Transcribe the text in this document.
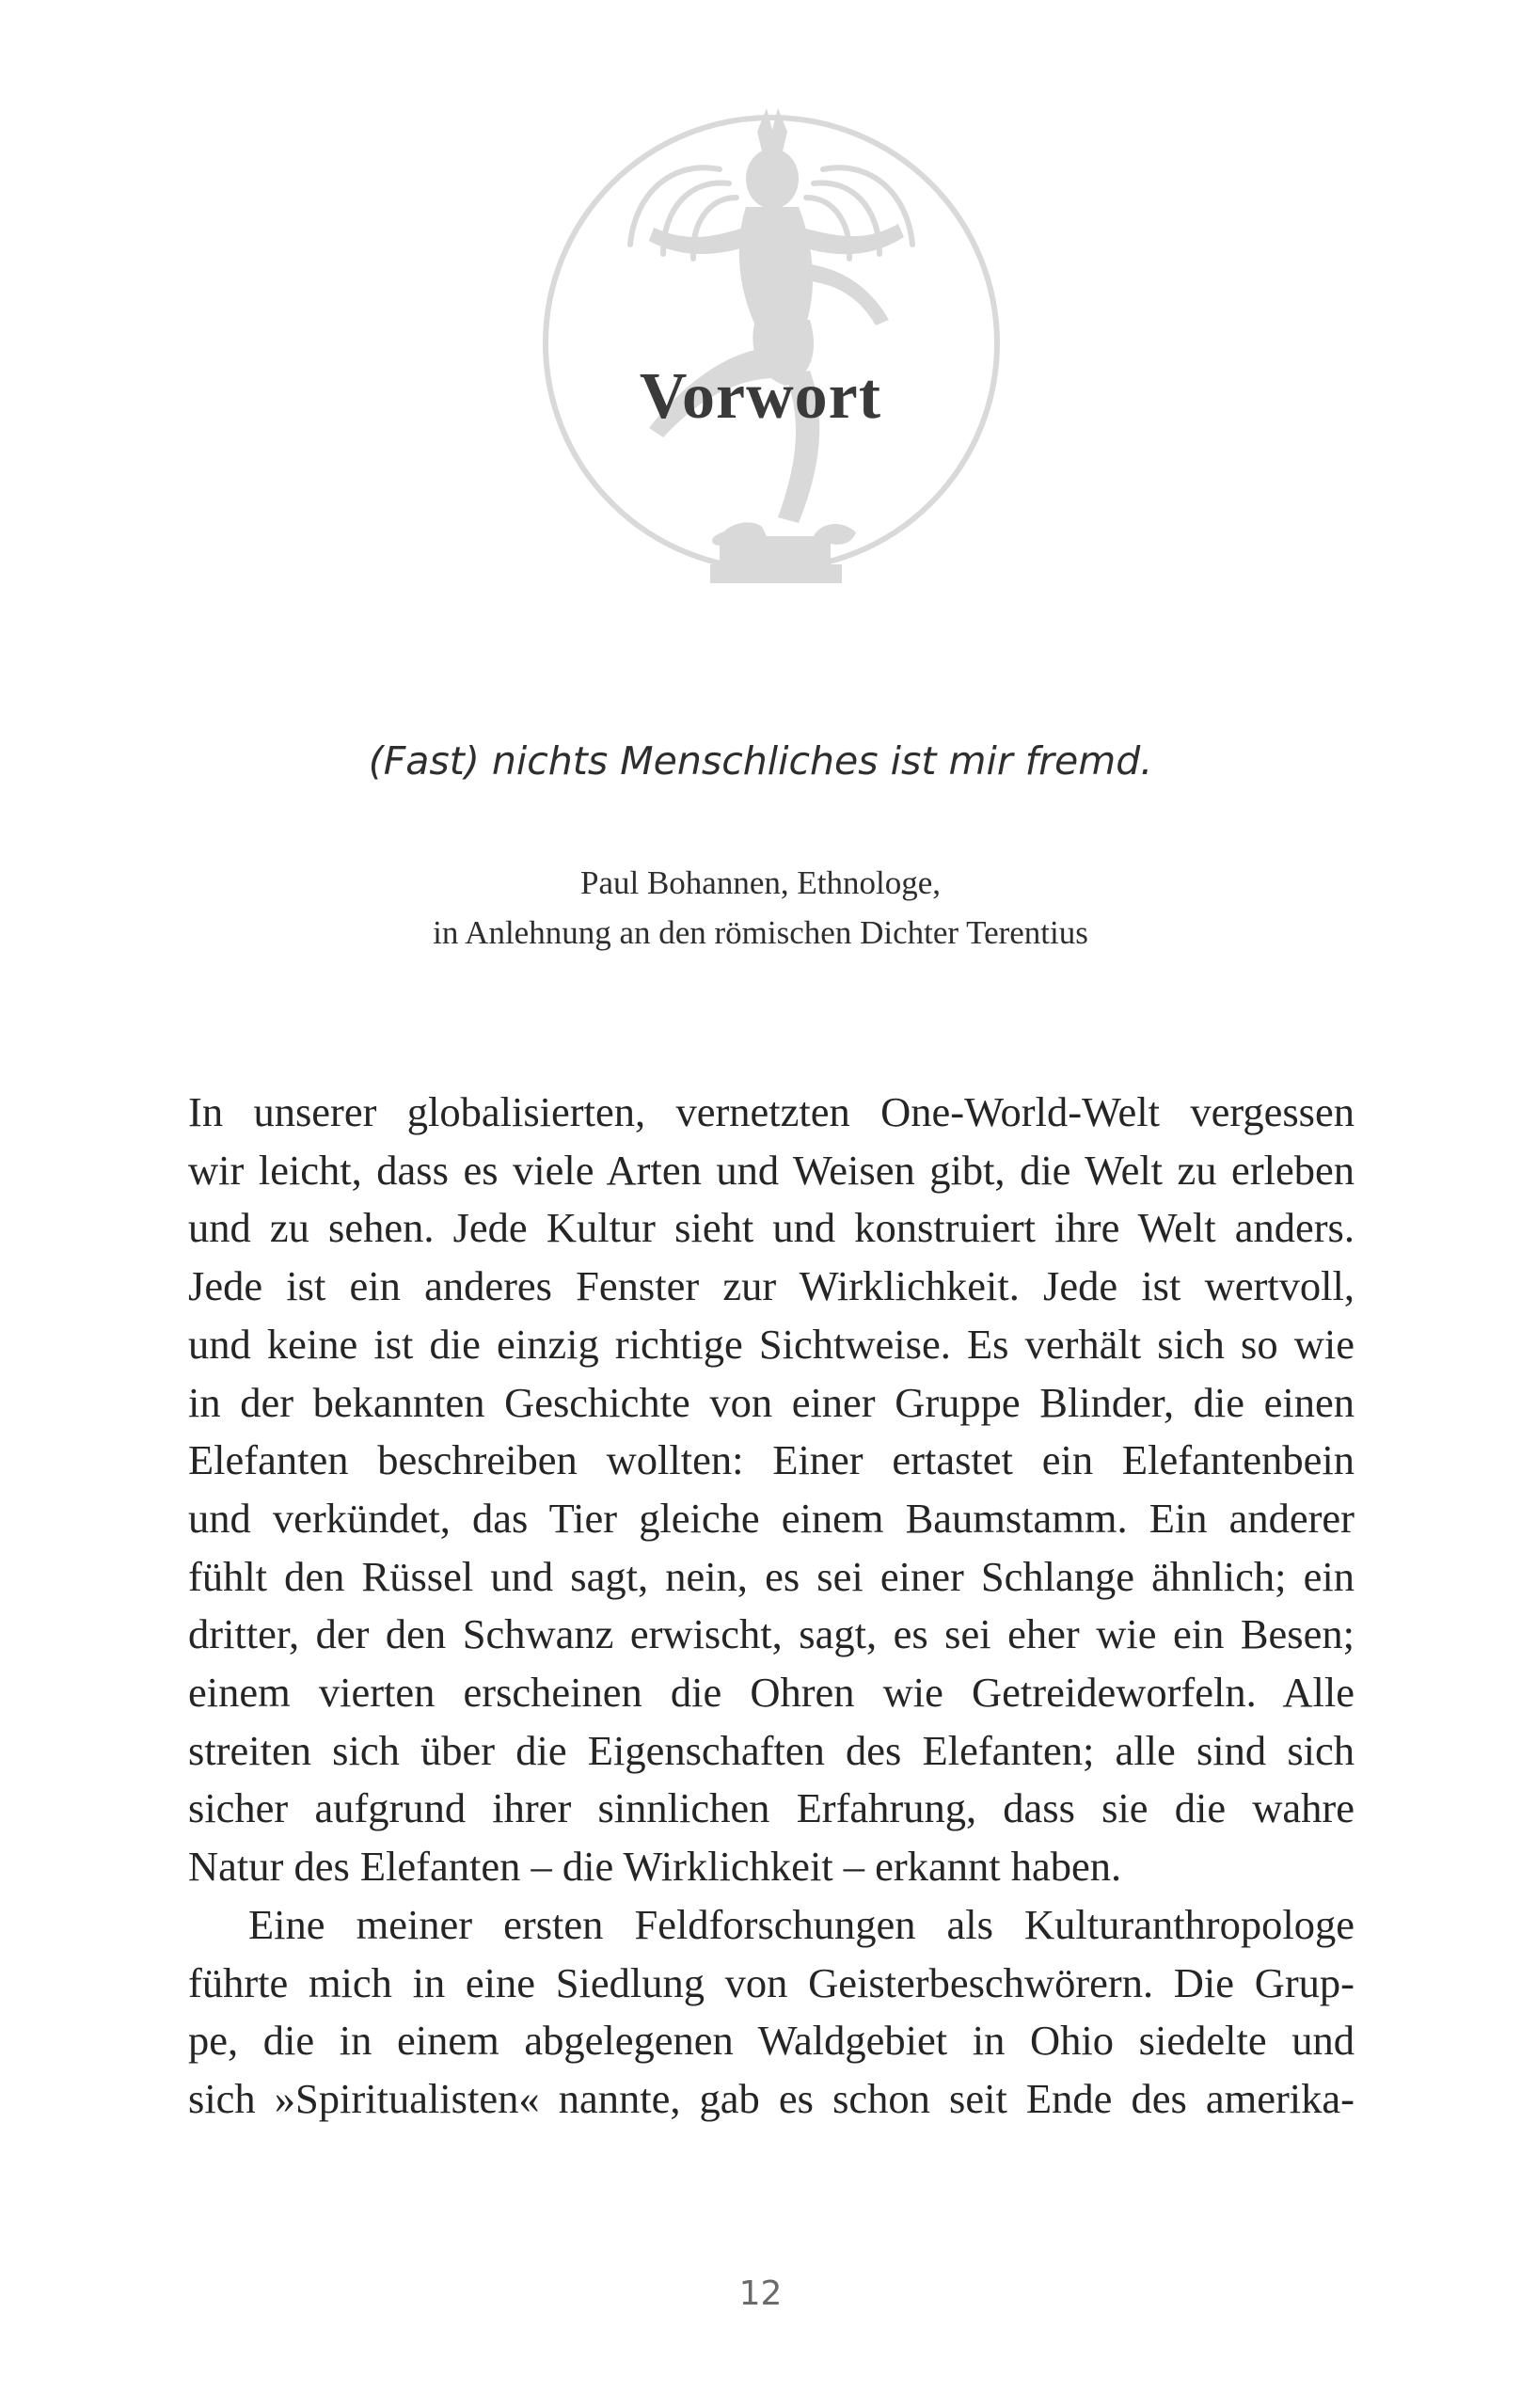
Vorwort
(Fast) nichts Menschliches ist mir fremd.
Paul Bohannen, Ethnologe,
in Anlehnung an den römischen Dichter Terentius
In unserer globalisierten, vernetzten One-World-Welt vergessen
wir leicht, dass es viele Arten und Weisen gibt, die Welt zu erleben
und zu sehen. Jede Kultur sieht und konstruiert ihre Welt anders.
Jede ist ein anderes Fenster zur Wirklichkeit. Jede ist wertvoll,
und keine ist die einzig richtige Sichtweise. Es verhält sich so wie
in der bekannten Geschichte von einer Gruppe Blinder, die einen
Elefanten beschreiben wollten: Einer ertastet ein Elefantenbein
und verkündet, das Tier gleiche einem Baumstamm. Ein anderer
fühlt den Rüssel und sagt, nein, es sei einer Schlange ähnlich; ein
dritter, der den Schwanz erwischt, sagt, es sei eher wie ein Besen;
einem vierten erscheinen die Ohren wie Getreideworfeln. Alle
streiten sich über die Eigenschaften des Elefanten; alle sind sich
sicher aufgrund ihrer sinnlichen Erfahrung, dass sie die wahre
Natur des Elefanten – die Wirklichkeit – erkannt haben.
Eine meiner ersten Feldforschungen als Kulturanthropologe
führte mich in eine Siedlung von Geisterbeschwörern. Die Grup-
pe, die in einem abgelegenen Waldgebiet in Ohio siedelte und
sich »Spiritualisten« nannte, gab es schon seit Ende des amerika-
12
